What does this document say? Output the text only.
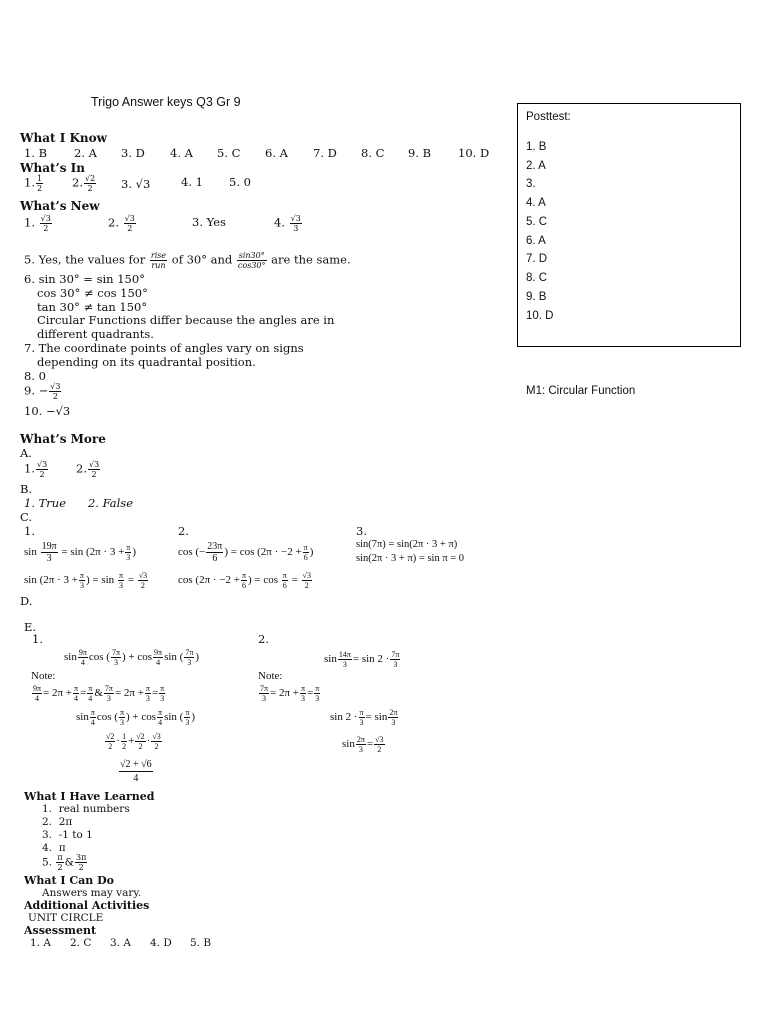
Trigo Answer keys Q3 Gr 9
Posttest:
1. B
2. A
3.
4. A
5. C
6. A
7. D
8. C
9. B
10. D
M1: Circular Function
What I Know
1. B 2. A 3. D 4. A 5. C 6. A 7. D 8. C 9. B 10. D
What’s In
1. $\frac{1}{2}$	2. $\frac{√2}{2} 3$. √3	4. 1 5. 0
What’s New
1. $\frac{√3}{2}$	2. $\frac{√3}{2}$	3. Yes	4. $\frac{√3}{3}$
5. Yes, the values for rise
run of 30° and $\frac{\sin 30^\circ}{\cos 30^\circ}$ are the same.
6. sin 30° = sin 150°
cos 30° ≠ cos 150°
tan 30° ≠ tan 150°
Circular Functions differ because the angles are in
different quadrants.
7. The coordinate points of angles vary on signs
depending on its quadrantal position.
8. 0
9. − $\frac{√3}{2}$
10. −√3
What’s More
A.
1. $\frac{√3}{2} 2$. $\frac{√3}{2}$
B.
1. True      2. False
C.
1.	2.	3.
$\sin \frac{19\pi}{3} = \sin (2\pi \cdot 3 + \frac{\pi}{3}$ )
$\sin (2\pi \cdot 3 + \frac{\pi}{3}$ ) = $\sin \frac{\pi}{3} = \frac{√3}{2}$
cos (− $\frac{23\pi}{6}$ ) = $\cos (2\pi \cdot -2 + \frac{\pi}{6}$ )
$\cos (2\pi \cdot -2 + \frac{\pi}{6}$ ) = $\cos \frac{\pi}{6} = \frac{√3}{2}$
sin(7π) = sin(2π · 3 + π)
sin(2π · 3 + π) = sin π = 0
D.
E.
1.	2.
$\sin \frac{9\pi}{4}$ cos ( $\frac{7\pi}{3}$ ) + $\cos \frac{9\pi}{4}$ sin ( $\frac{7\pi}{3}$ )
Note:
$\frac{9\pi}{4} = 2\pi + \frac{\pi}{4} = \frac{\pi}{4}$ & $\frac{7\pi}{3} = 2\pi + \frac{\pi}{3} = \frac{\pi}{3}$
$\sin \frac{\pi}{4}$ cos ( $\frac{\pi}{3}$ ) + $\cos \frac{\pi}{4}$ sin ( $\frac{\pi}{3}$ )
$\frac{√2}{2} \cdot \frac{1}{2} + \frac{√2}{2} \cdot \frac{√3}{2}$
$\frac{√2 + √6}{4}$
$\sin \frac{14\pi}{3} = \sin 2 \cdot \frac{7\pi}{3}$
Note:
$\frac{7\pi}{3} = 2\pi + \frac{\pi}{3} = \frac{\pi}{3}$
$\sin 2 \cdot \frac{\pi}{3} = \sin \frac{2\pi}{3}$
$\sin \frac{2\pi}{3} = \frac{√3}{2}$
What I Have Learned
1.  real numbers
2.  2π
3.  -1 to 1
4.  π
5. $\frac{\pi}{2}$ & $\frac{3\pi}{2}$
What I Can Do
Answers may vary.
Additional Activities
UNIT CIRCLE
Assessment
1. A 2. C 3. A 4. D 5. B
